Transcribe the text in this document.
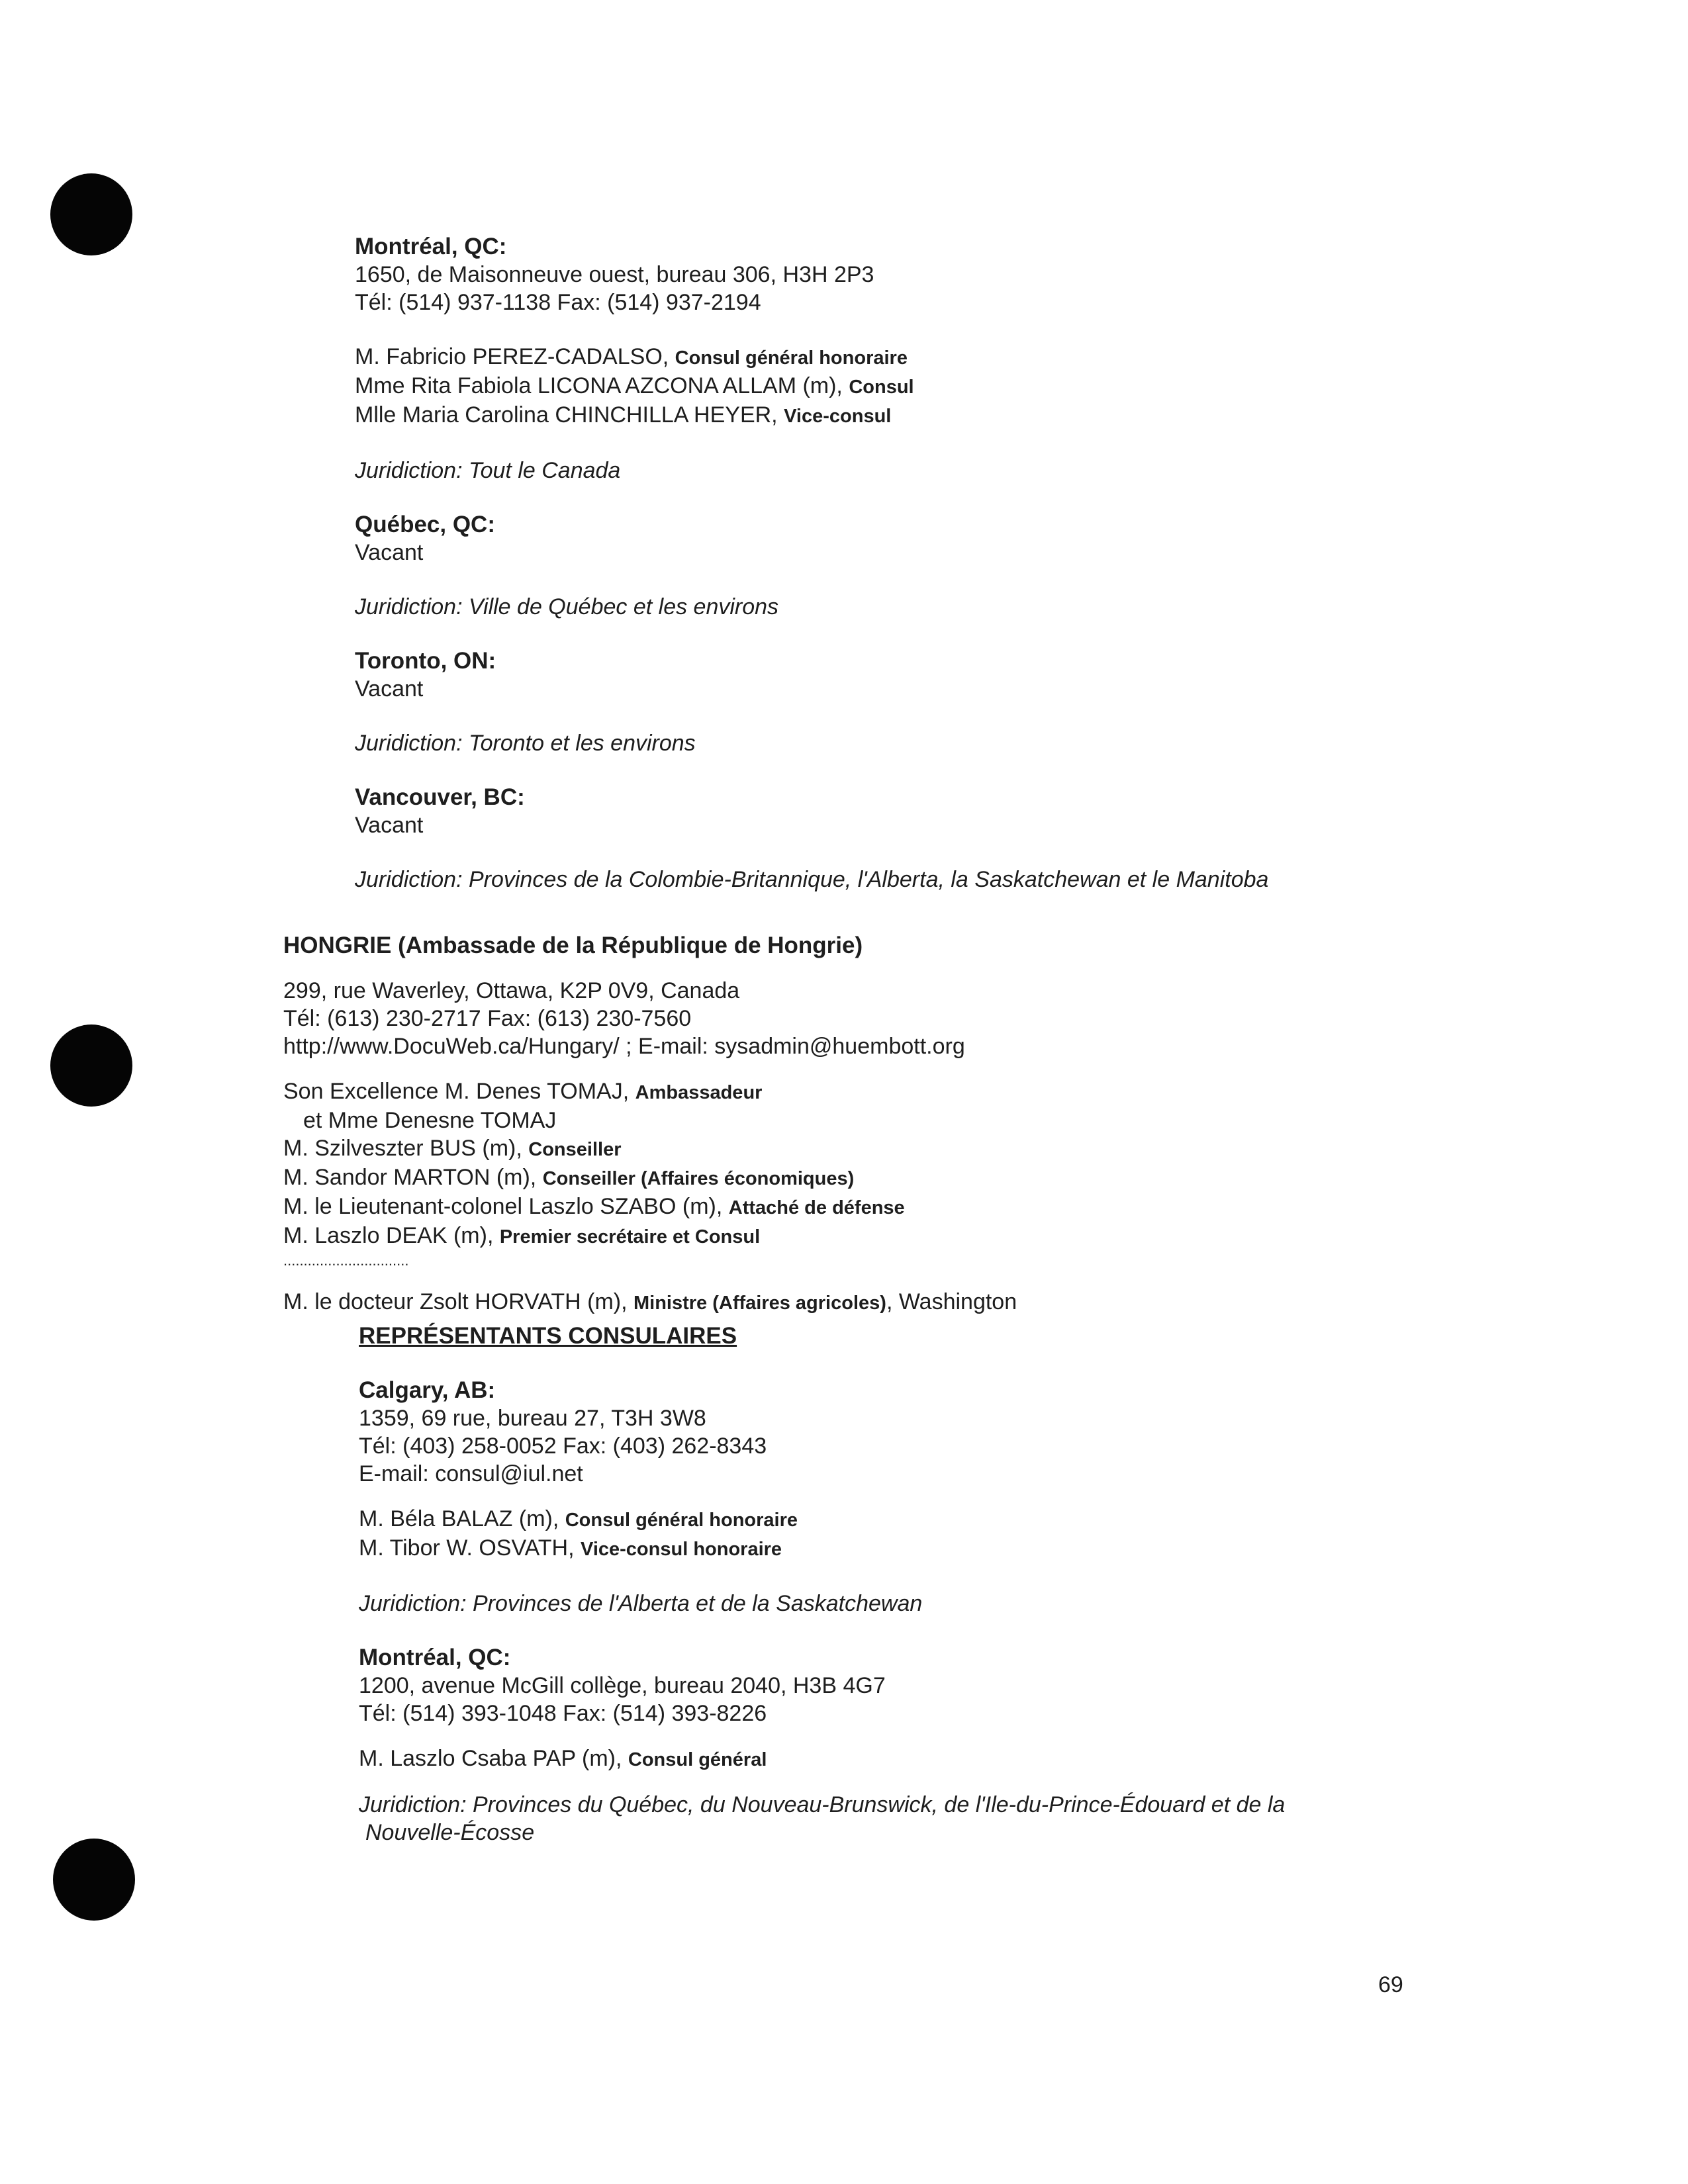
Montréal, QC:
1650, de Maisonneuve ouest, bureau 306, H3H 2P3
Tél: (514) 937-1138 Fax: (514) 937-2194
M. Fabricio PEREZ-CADALSO, Consul général honoraire
Mme Rita Fabiola LICONA AZCONA ALLAM (m), Consul
Mlle Maria Carolina CHINCHILLA HEYER, Vice-consul
Juridiction: Tout le Canada
Québec, QC:
Vacant
Juridiction: Ville de Québec et les environs
Toronto, ON:
Vacant
Juridiction: Toronto et les environs
Vancouver, BC:
Vacant
Juridiction: Provinces de la Colombie-Britannique, l'Alberta, la Saskatchewan et le Manitoba
HONGRIE (Ambassade de la République de Hongrie)
299, rue Waverley, Ottawa, K2P 0V9, Canada
Tél: (613) 230-2717 Fax: (613) 230-7560
http://www.DocuWeb.ca/Hungary/ ; E-mail: sysadmin@huembott.org
Son Excellence M. Denes TOMAJ, Ambassadeur
et Mme Denesne TOMAJ
M. Szilveszter BUS (m), Conseiller
M. Sandor MARTON (m), Conseiller (Affaires économiques)
M. le Lieutenant-colonel Laszlo SZABO (m), Attaché de défense
M. Laszlo DEAK (m), Premier secrétaire et Consul
...............................
M. le docteur Zsolt HORVATH (m), Ministre (Affaires agricoles), Washington
REPRÉSENTANTS CONSULAIRES
Calgary, AB:
1359, 69 rue, bureau 27, T3H 3W8
Tél: (403) 258-0052 Fax: (403) 262-8343
E-mail: consul@iul.net
M. Béla BALAZ (m), Consul général honoraire
M. Tibor W. OSVATH, Vice-consul honoraire
Juridiction: Provinces de l'Alberta et de la Saskatchewan
Montréal, QC:
1200, avenue McGill collège, bureau 2040, H3B 4G7
Tél: (514) 393-1048 Fax: (514) 393-8226
M. Laszlo Csaba PAP (m), Consul général
Juridiction: Provinces du Québec, du Nouveau-Brunswick, de l'Ile-du-Prince-Édouard et de la
Nouvelle-Écosse
69
